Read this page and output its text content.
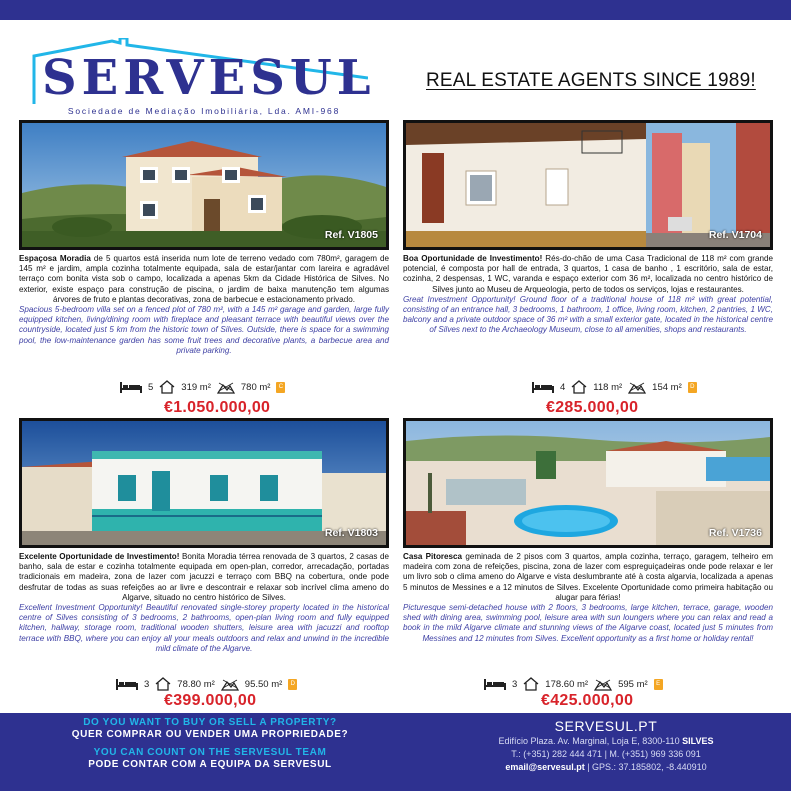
SERVESUL
Sociedade de Mediação Imobiliária, Lda. AMI-968
REAL ESTATE AGENTS SINCE 1989!
Ref. V1805

Espaçosa Moradia de 5 quartos está inserida num lote de terreno vedado com 780m², garagem de 145 m² e jardim, ampla cozinha totalmente equipada, sala de estar/jantar com lareira e agradável terraço com bonita vista sob o campo, localizada a apenas 5km da Cidade Histórica de Silves. No exterior, existe espaço para construção de piscina, o jardim de baixa manutenção tem algumas árvores de fruto e plantas decorativas, zona de barbecue e estacionamento privado.

Spacious 5-bedroom villa set on a fenced plot of 780 m², with a 145 m² garage and garden, large fully equipped kitchen, living/dining room with fireplace and pleasant terrace with beautiful views over the countryside, located just 5 km from the historic town of Silves. Outside, there is space for a swimming pool, the low-maintenance garden has some fruit trees and decorative plants, a barbecue area and private parking.

5	319 m²	780 m²	C
€1.050.000,00
Ref. V1704

Boa Oportunidade de Investimento! Rés-do-chão de uma Casa Tradicional de 118 m² com grande potencial, é composta por hall de entrada, 3 quartos, 1 casa de banho , 1 escritório, sala de estar, cozinha, 2 despensas, 1 WC, varanda e espaço exterior com 36 m², localizada no centro histórico de Silves junto ao Museu de Arqueologia, perto de todos os serviços, lojas e restaurantes.

Great Investment Opportunity! Ground floor of a traditional house of 118 m² with great potential, consisting of an entrance hall, 3 bedrooms, 1 bathroom, 1 office, living room, kitchen, 2 pantries, 1 WC, balcony and a private outdoor space of 36 m² with a small exterior gate, located in the historical centre of Silves next to the Archaeology Museum, close to all amenities, shops and restaurants.

4	118 m²	154 m²	D
€285.000,00
Ref. V1803

Excelente Oportunidade de Investimento! Bonita Moradia térrea renovada de 3 quartos, 2 casas de banho, sala de estar e cozinha totalmente equipada em open-plan, corredor, arrecadação, portadas tradicionais em madeira, zona de lazer com jacuzzi e terraço com BBQ na cobertura, onde pode desfrutar de todas as suas refeições ao ar livre e descontrair e relaxar sob incrível clima ameno do Algarve, situado no centro histórico de Silves.

Excellent Investment Opportunity! Beautiful renovated single-storey property located in the historical centre of Silves consisting of 3 bedrooms, 2 bathrooms, open-plan living room and fully equipped kitchen, hallway, storage room, traditional wooden shutters, leisure area with jacuzzi and rooftop terrace with BBQ, where you can enjoy all your meals outdoors and relax and unwind in the incredible mild climate of the Algarve.

3	78.80 m²	95.50 m²	D
€399.000,00
Ref. V1736

Casa Pitoresca geminada de 2 pisos com 3 quartos, ampla cozinha, terraço, garagem, telheiro em madeira com zona de refeições, piscina, zona de lazer com espreguiçadeiras onde pode relaxar e ler um livro sob o clima ameno do Algarve e vista deslumbrante até à costa algarvia, localizada a apenas 5 minutos de Messines e a 12 minutos de Silves. Excelente Oportunidade como primeira habitação ou alugar para férias!

Picturesque semi-detached house with 2 floors, 3 bedrooms, large kitchen, terrace, garage, wooden shed with dining area, swimming pool, leisure area with sun loungers where you can relax and read a book in the mild Algarve climate and stunning views of the Algarve coast, located just 5 minutes from Messines and 12 minutes from Silves. Excellent opportunity as a first home or holiday rental!

3	178.60 m²	595 m²	E
€425.000,00
DO YOU WANT TO BUY OR SELL A PROPERTY?
QUER COMPRAR OU VENDER UMA PROPRIEDADE?
YOU CAN COUNT ON THE SERVESUL TEAM
PODE CONTAR COM A EQUIPA DA SERVESUL
SERVESUL.PT
Edifício Plaza. Av. Marginal, Loja E, 8300-110 SILVES
T.: (+351) 282 444 471 | M. (+351) 969 336 091
email@servesul.pt | GPS.: 37.185802, -8.440910
